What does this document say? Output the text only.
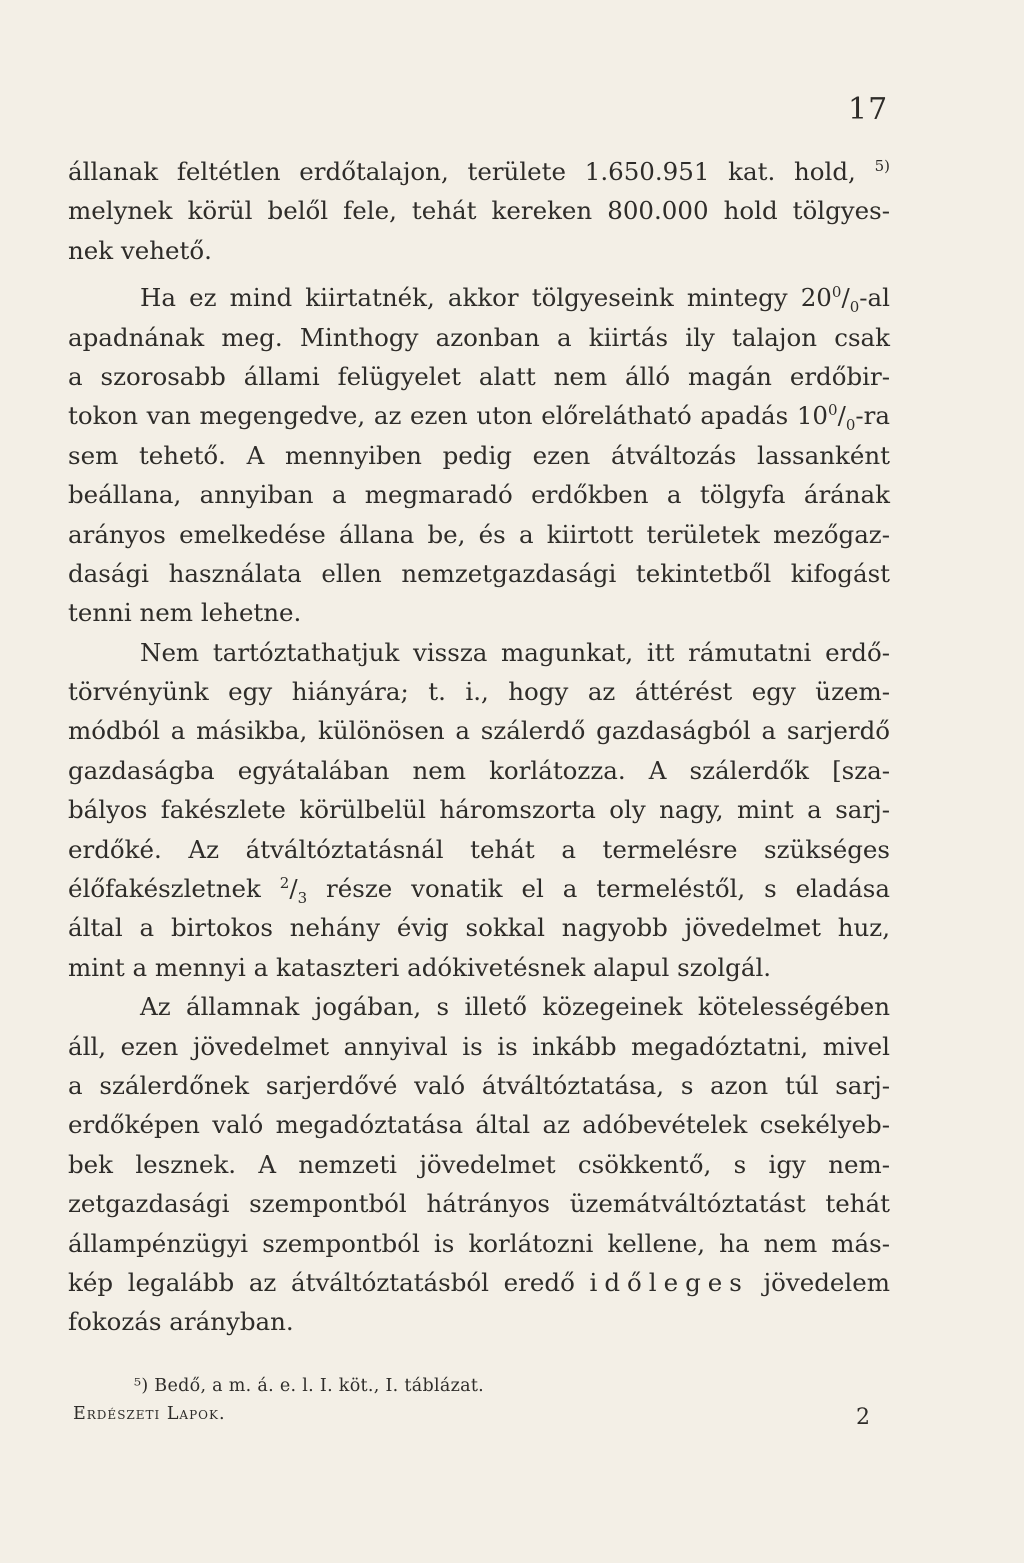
17
állanak feltétlen erdőtalajon, területe 1.650.951 kat. hold, $^{5)}$
melynek körül belől fele, tehát kereken 800.000 hold tölgyes-
nek vehető.
Ha ez mind kiirtatnék, akkor tölgyeseink mintegy $20^0/_0-al$
apadnának meg. Minthogy azonban a kiirtás ily talajon csak
a szorosabb állami felügyelet alatt nem álló magán erdőbir-
tokon van megengedve, az ezen uton előrelátható apadás $10^0/_0-ra$
sem tehető. A mennyiben pedig ezen átváltozás lassanként
beállana, annyiban a megmaradó erdőkben a tölgyfa árának
arányos emelkedése állana be, és a kiirtott területek mezőgaz-
dasági használata ellen nemzetgazdasági tekintetből kifogást
tenni nem lehetne.
Nem tartóztathatjuk vissza magunkat, itt rámutatni erdő-
törvényünk egy hiányára; t. i., hogy az áttérést egy üzem-
módból a másikba, különösen a szálerdő gazdaságból a sarjerdő
gazdaságba egyátalában nem korlátozza. A szálerdők [sza-
bályos fakészlete körülbelül háromszorta oly nagy, mint a sarj-
erdőké. Az átváltóztatásnál tehát a termelésre szükséges
élőfakészletnek $^2/_3$ része vonatik el a termeléstől, s eladása
által a birtokos nehány évig sokkal nagyobb jövedelmet huz,
mint a mennyi a kataszteri adókivetésnek alapul szolgál.
Az államnak jogában, s illető közegeinek kötelességében
áll, ezen jövedelmet annyival is is inkább megadóztatni, mivel
a szálerdőnek sarjerdővé való átváltóztatása, s azon túl sarj-
erdőképen való megadóztatása által az adóbevételek csekélyeb-
bek lesznek. A nemzeti jövedelmet csökkentő, s igy nem-
zetgazdasági szempontból hátrányos üzemátváltóztatást tehát
állampénzügyi szempontból is korlátozni kellene, ha nem más-
kép legalább az átváltóztatásból eredő időleges jövedelem
fokozás arányban.
⁵) Bedő, a m. á. e. l. I. köt., I. táblázat.
Erdészeti Lapok.	2
